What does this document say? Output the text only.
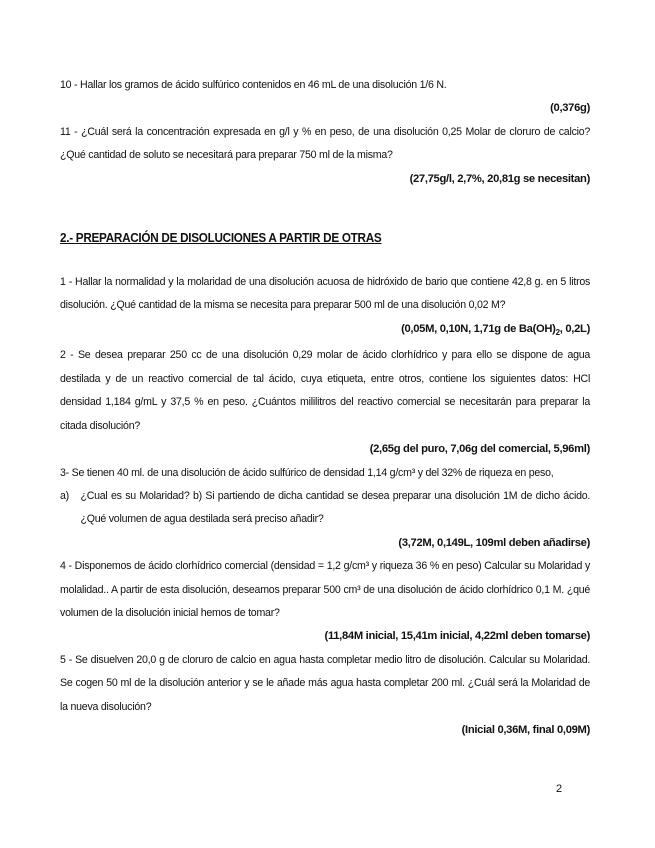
10 - Hallar los gramos de ácido sulfúrico contenidos en 46 mL de una disolución 1/6 N.

(0,376g)

11 - ¿Cuál será la concentración expresada en g/l y % en peso, de una disolución 0,25 Molar de cloruro de calcio? ¿Qué cantidad de soluto se necesitará para preparar 750 ml de la misma?

(27,75g/l, 2,7%, 20,81g se necesitan)

2.- PREPARACIÓN DE DISOLUCIONES A PARTIR DE OTRAS

1 - Hallar la normalidad y la molaridad de una disolución acuosa de hidróxido de bario que contiene 42,8 g. en 5 litros disolución. ¿Qué cantidad de la misma se necesita para preparar 500 ml de una disolución 0,02 M?

(0,05M, 0,10N, 1,71g de $Ba(OH)_2$, 0,2L)

2 - Se desea preparar 250 cc de una disolución 0,29 molar de ácido clorhídrico y para ello se dispone de agua destilada y de un reactivo comercial de tal ácido, cuya etiqueta, entre otros, contiene los siguientes datos: HCl densidad 1,184 g/mL y 37,5 % en peso. ¿Cuántos mililitros del reactivo comercial se necesitarán para preparar la citada disolución?

(2,65g del puro, 7,06g del comercial, 5,96ml)

3- Se tienen 40 ml. de una disolución de ácido sulfúrico de densidad 1,14 g/cm³ y del 32% de riqueza en peso,

a)	¿Cual es su Molaridad? b) Si partiendo de dicha cantidad se desea preparar una disolución 1M de dicho ácido. ¿Qué volumen de agua destilada será preciso añadir?

(3,72M, 0,149L, 109ml deben añadirse)

4 - Disponemos de ácido clorhídrico comercial (densidad = 1,2 g/cm³ y riqueza 36 % en peso) Calcular su Molaridad y molalidad.. A partir de esta disolución, deseamos preparar 500 cm³ de una disolución de ácido clorhídrico 0,1 M. ¿qué volumen de la disolución inicial hemos de tomar?

(11,84M inicial, 15,41m inicial, 4,22ml deben tomarse)

5 - Se disuelven 20,0 g de cloruro de calcio en agua hasta completar medio litro de disolución. Calcular su Molaridad. Se cogen 50 ml de la disolución anterior y se le añade más agua hasta completar 200 ml. ¿Cuál será la Molaridad de la nueva disolución?

(Inicial 0,36M, final 0,09M)

2
